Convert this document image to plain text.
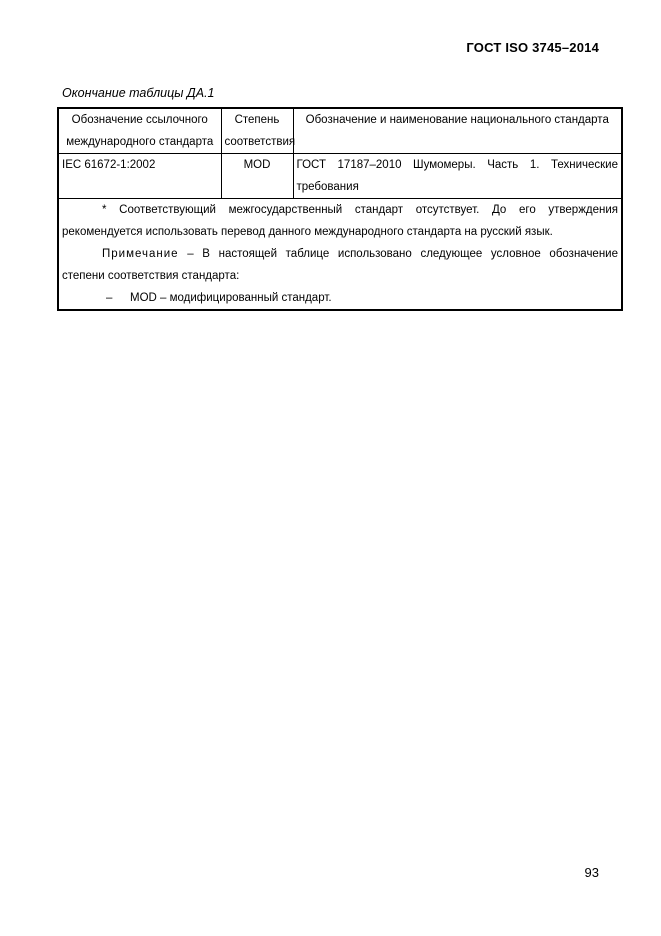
ГОСТ ISO 3745–2014
Окончание таблицы ДА.1
Обозначение ссылочного международного стандарта	Степень соответствия	Обозначение и наименование национального стандарта
IEC 61672-1:2002	MOD	ГОСТ 17187–2010 Шумомеры. Часть 1. Технические требования

* Соответствующий межгосударственный стандарт отсутствует. До его утверждения рекомендуется использовать перевод данного международного стандарта на русский язык.

Примечание – В настоящей таблице использовано следующее условное обозначение степени соответствия стандарта:

– MOD – модифицированный стандарт.		

93
